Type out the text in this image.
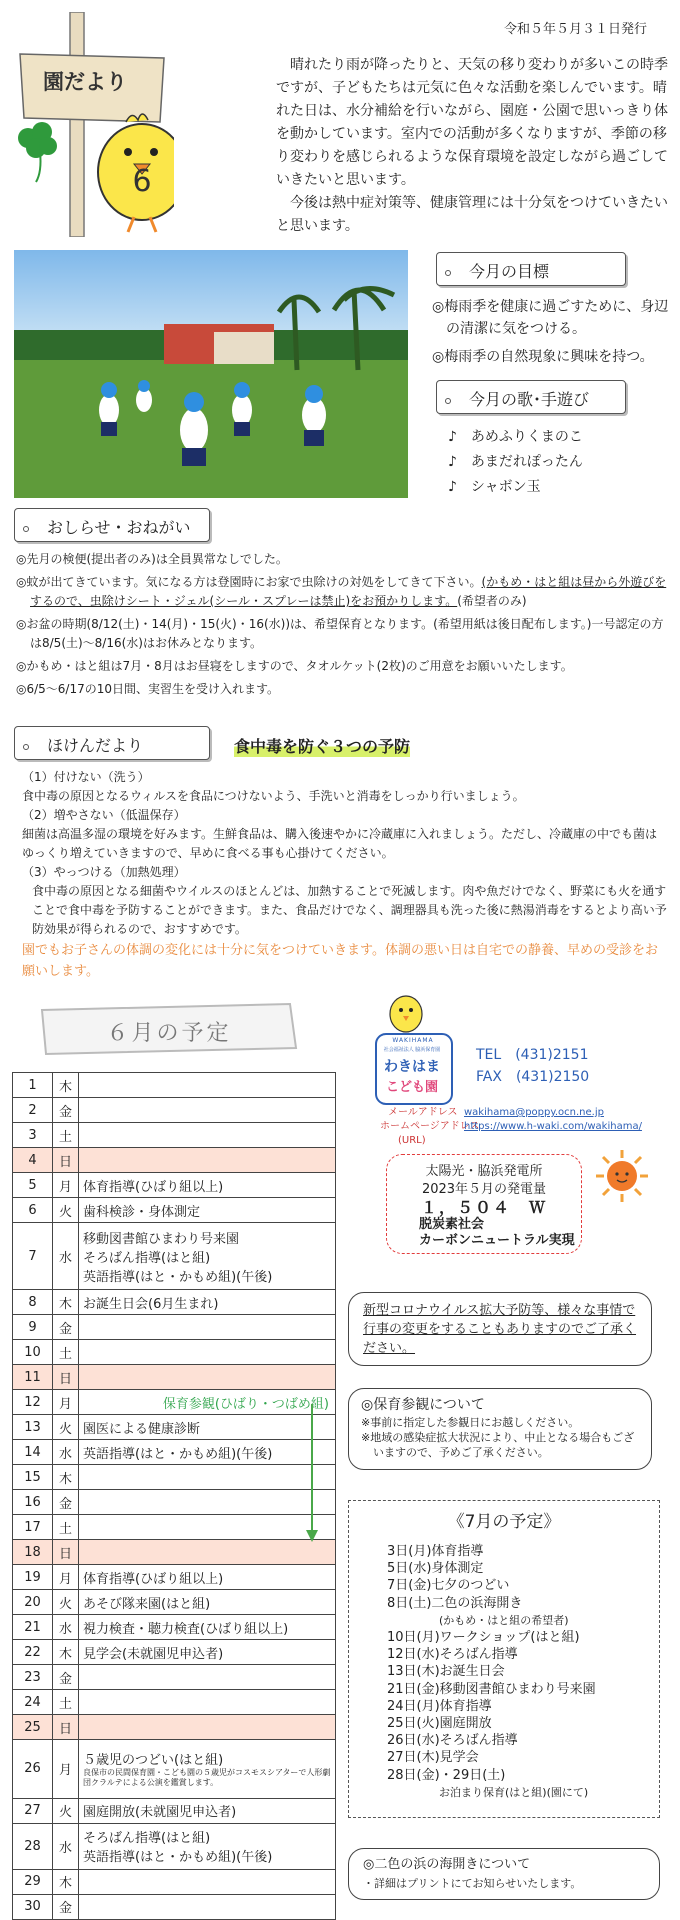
令和５年５月３１日発行
園だより
6

晴れたり雨が降ったりと、天気の移り変わりが多いこの時季ですが、子どもたちは元気に色々な活動を楽しんでいます。晴れた日は、水分補給を行いながら、園庭・公園で思いっきり体を動かしています。室内での活動が多くなりますが、季節の移り変わりを感じられるような保育環境を設定しながら過ごしていきたいと思います。

今後は熱中症対策等、健康管理には十分気をつけていきたいと思います。

今月の目標
◎梅雨季を健康に過ごすために、身辺の清潔に気をつける。
◎梅雨季の自然現象に興味を持つ。
今月の歌･手遊び
♪　あめふりくまのこ
♪　あまだれぽったん
♪　シャボン玉
おしらせ・おねがい
◎先月の検便(提出者のみ)は全員異常なしでした。
◎蚊が出てきています。気になる方は登園時にお家で虫除けの対処をしてきて下さい。(かもめ・はと組は昼から外遊びをするので、虫除けシート・ジェル(シール・スプレーは禁止)をお預かりします。(希望者のみ)
◎お盆の時期(8/12(土)・14(月)・15(火)・16(水))は、希望保育となります。(希望用紙は後日配布します。)一号認定の方は8/5(土)～8/16(水)はお休みとなります。
◎かもめ・はと組は7月・8月はお昼寝をしますので、タオルケット(2枚)のご用意をお願いいたします。
◎6/5～6/17の10日間、実習生を受け入れます。
ほけんだより	食中毒を防ぐ３つの予防
（1）付けない（洗う）
食中毒の原因となるウィルスを食品につけないよう、手洗いと消毒をしっかり行いましょう。
（2）増やさない（低温保存）
細菌は高温多湿の環境を好みます。生鮮食品は、購入後速やかに冷蔵庫に入れましょう。ただし、冷蔵庫の中でも菌はゆっくり増えていきますので、早めに食べる事も心掛けてください。
（3）やっつける（加熱処理）
食中毒の原因となる細菌やウイルスのほとんどは、加熱することで死滅します。肉や魚だけでなく、野菜にも火を通すことで食中毒を予防することができます。また、食品だけでなく、調理器具も洗った後に熱湯消毒をするとより高い予防効果が得られるので、おすすめです。
園でもお子さんの体調の変化には十分に気をつけていきます。体調の悪い日は自宅での静養、早めの受診をお願いします。
６月の予定
1	木	
2	金	
3	土	
4	日	
5	月	体育指導(ひばり組以上)

6	火	歯科検診・身体測定

7	水	移動図書館ひまわり号来園
そろばん指導(はと組)
英語指導(はと・かもめ組)(午後)

8	木	お誕生日会(6月生まれ)

9	金	
10	土	
11	日	
12	月	保育参観(ひばり・つばめ組)

13	火	園医による健康診断

14	水	英語指導(はと・かもめ組)(午後)

15	木	
16	金	
17	土	
18	日	
19	月	体育指導(ひばり組以上)

20	火	あそび隊来園(はと組)

21	水	視力検査・聴力検査(ひばり組以上)

22	木	見学会(未就園児申込者)

23	金	
24	土	
25	日	
26	月	５歳児のつどい(はと組)
良保市の民間保育園・こども園の５歳児がコスモスシアターで人形劇団クラルテによる公演を鑑賞します。

27	火	園庭開放(未就園児申込者)

28	水	そろばん指導(はと組)
英語指導(はと・かもめ組)(午後)

29	木	
30	金	
WAKIHAMA
社会福祉法人 脇浜保育園
わきはま
こども園
TEL　 (431)2151
FAX　 (431)2150
メールアドレス
ホームページアドレス
(URL)
wakihama@poppy.ocn.ne.jp
https://www.h-waki.com/wakihama/
太陽光・脇浜発電所
2023年５月の発電量
１，５０４　Ｗ
脱炭素社会
カーボンニュートラル実現
新型コロナウイルス拡大予防等、様々な事情で行事の変更をすることもありますのでご了承ください。
◎保育参観について
※事前に指定した参観日にお越しください。
※地域の感染症拡大状況により、中止となる場合もございますので、予めご了承ください。
《7月の予定》
3日(月)体育指導
5日(水)身体測定
7日(金)七夕のつどい
8日(土)二色の浜海開き
(かもめ・はと組の希望者)
10日(月)ワークショップ(はと組)
12日(水)そろばん指導
13日(木)お誕生日会
21日(金)移動図書館ひまわり号来園
24日(月)体育指導
25日(火)園庭開放
26日(水)そろばん指導
27日(木)見学会
28日(金)・29日(土)
お泊まり保育(はと組)(園にて)
◎二色の浜の海開きについて
・詳細はプリントにてお知らせいたします。
